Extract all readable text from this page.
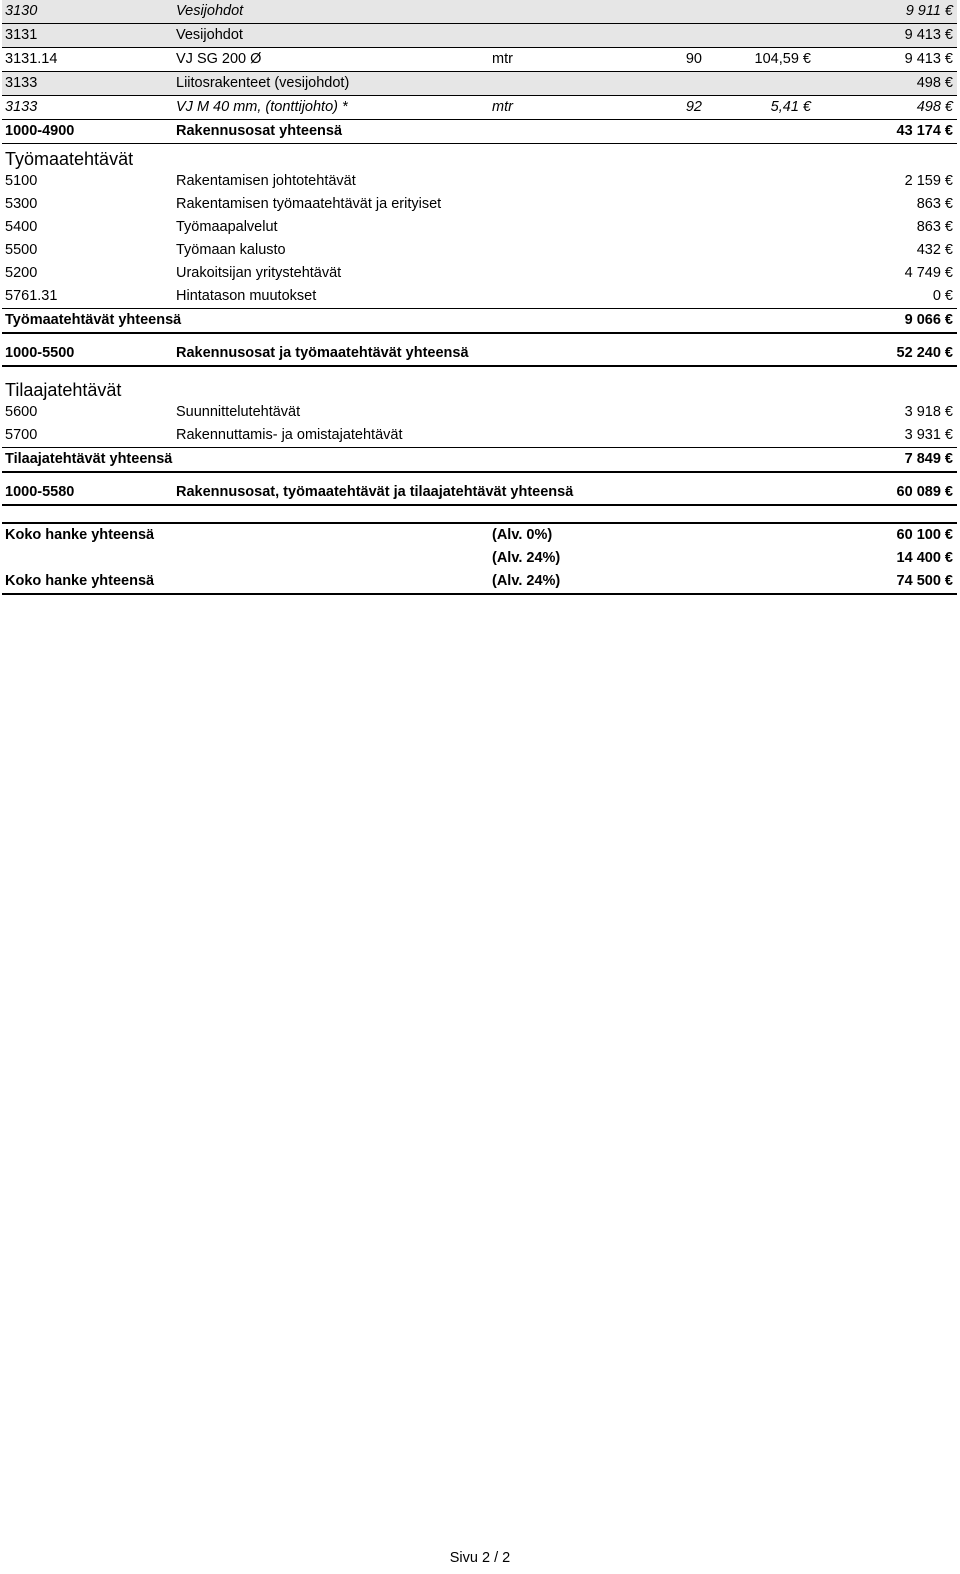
3130	Vesijohdot	9 911 €
3131	Vesijohdot	9 413 €
3131.14	VJ SG 200 Ø	mtr	90	104,59 €	9 413 €
3133	Liitosrakenteet (vesijohdot)	498 €
3133	VJ M 40 mm, (tonttijohto) *	mtr	92	5,41 €	498 €
1000-4900	Rakennusosat yhteensä	43 174 €
Työmaatehtävät
5100	Rakentamisen johtotehtävät	2 159 €
5300	Rakentamisen työmaatehtävät ja erityiset	863 €
5400	Työmaapalvelut	863 €
5500	Työmaan kalusto	432 €
5200	Urakoitsijan yritystehtävät	4 749 €
5761.31	Hintatason muutokset	0 €
Työmaatehtävät yhteensä	9 066 €
1000-5500	Rakennusosat ja työmaatehtävät yhteensä	52 240 €
Tilaajatehtävät
5600	Suunnittelutehtävät	3 918 €
5700	Rakennuttamis- ja omistajatehtävät	3 931 €
Tilaajatehtävät yhteensä	7 849 €
1000-5580	Rakennusosat, työmaatehtävät ja tilaajatehtävät yhteensä	60 089 €
Koko hanke yhteensä	(Alv. 0%)	60 100 €
(Alv. 24%)	14 400 €
Koko hanke yhteensä	(Alv. 24%)	74 500 €
Sivu 2 / 2
